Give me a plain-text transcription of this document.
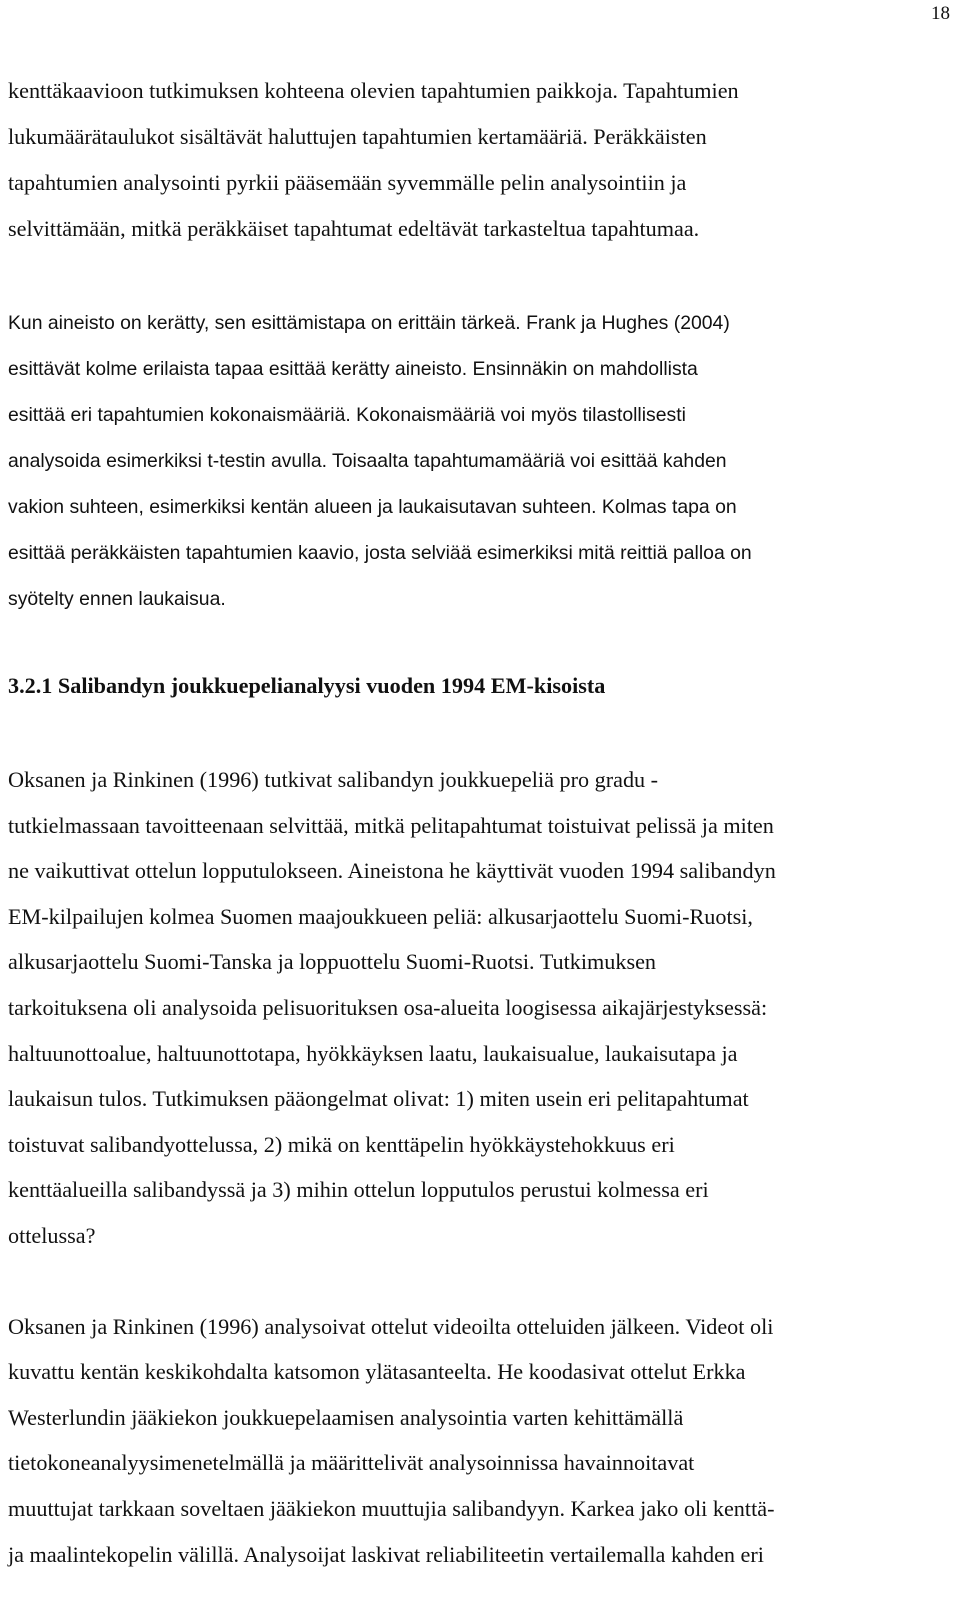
18

kenttäkaavioon tutkimuksen kohteena olevien tapahtumien paikkoja. Tapahtumien
lukumäärätaulukot sisältävät haluttujen tapahtumien kertamääriä. Peräkkäisten
tapahtumien analysointi pyrkii pääsemään syvemmälle pelin analysointiin ja
selvittämään, mitkä peräkkäiset tapahtumat edeltävät tarkasteltua tapahtumaa.

Kun aineisto on kerätty, sen esittämistapa on erittäin tärkeä. Frank ja Hughes (2004)
esittävät kolme erilaista tapaa esittää kerätty aineisto. Ensinnäkin on mahdollista
esittää eri tapahtumien kokonaismääriä. Kokonaismääriä voi myös tilastollisesti
analysoida esimerkiksi t-testin avulla. Toisaalta tapahtumamääriä voi esittää kahden
vakion suhteen, esimerkiksi kentän alueen ja laukaisutavan suhteen. Kolmas tapa on
esittää peräkkäisten tapahtumien kaavio, josta selviää esimerkiksi mitä reittiä palloa on
syötelty ennen laukaisua.

3.2.1 Salibandyn joukkuepelianalyysi vuoden 1994 EM-kisoista

Oksanen ja Rinkinen (1996) tutkivat salibandyn joukkuepeliä pro gradu -
tutkielmassaan tavoitteenaan selvittää, mitkä pelitapahtumat toistuivat pelissä ja miten
ne vaikuttivat ottelun lopputulokseen. Aineistona he käyttivät vuoden 1994 salibandyn
EM-kilpailujen kolmea Suomen maajoukkueen peliä: alkusarjaottelu Suomi-Ruotsi,
alkusarjaottelu Suomi-Tanska ja loppuottelu Suomi-Ruotsi. Tutkimuksen
tarkoituksena oli analysoida pelisuorituksen osa-alueita loogisessa aikajärjestyksessä:
haltuunottoalue, haltuunottotapa, hyökkäyksen laatu, laukaisualue, laukaisutapa ja
laukaisun tulos. Tutkimuksen pääongelmat olivat: 1) miten usein eri pelitapahtumat
toistuvat salibandyottelussa, 2) mikä on kenttäpelin hyökkäystehokkuus eri
kenttäalueilla salibandyssä ja 3) mihin ottelun lopputulos perustui kolmessa eri
ottelussa?

Oksanen ja Rinkinen (1996) analysoivat ottelut videoilta otteluiden jälkeen. Videot oli
kuvattu kentän keskikohdalta katsomon ylätasanteelta. He koodasivat ottelut Erkka
Westerlundin jääkiekon joukkuepelaamisen analysointia varten kehittämällä
tietokoneanalyysimenetelmällä ja määrittelivät analysoinnissa havainnoitavat
muuttujat tarkkaan soveltaen jääkiekon muuttujia salibandyyn. Karkea jako oli kenttä-
ja maalintekopelin välillä. Analysoijat laskivat reliabiliteetin vertailemalla kahden eri
